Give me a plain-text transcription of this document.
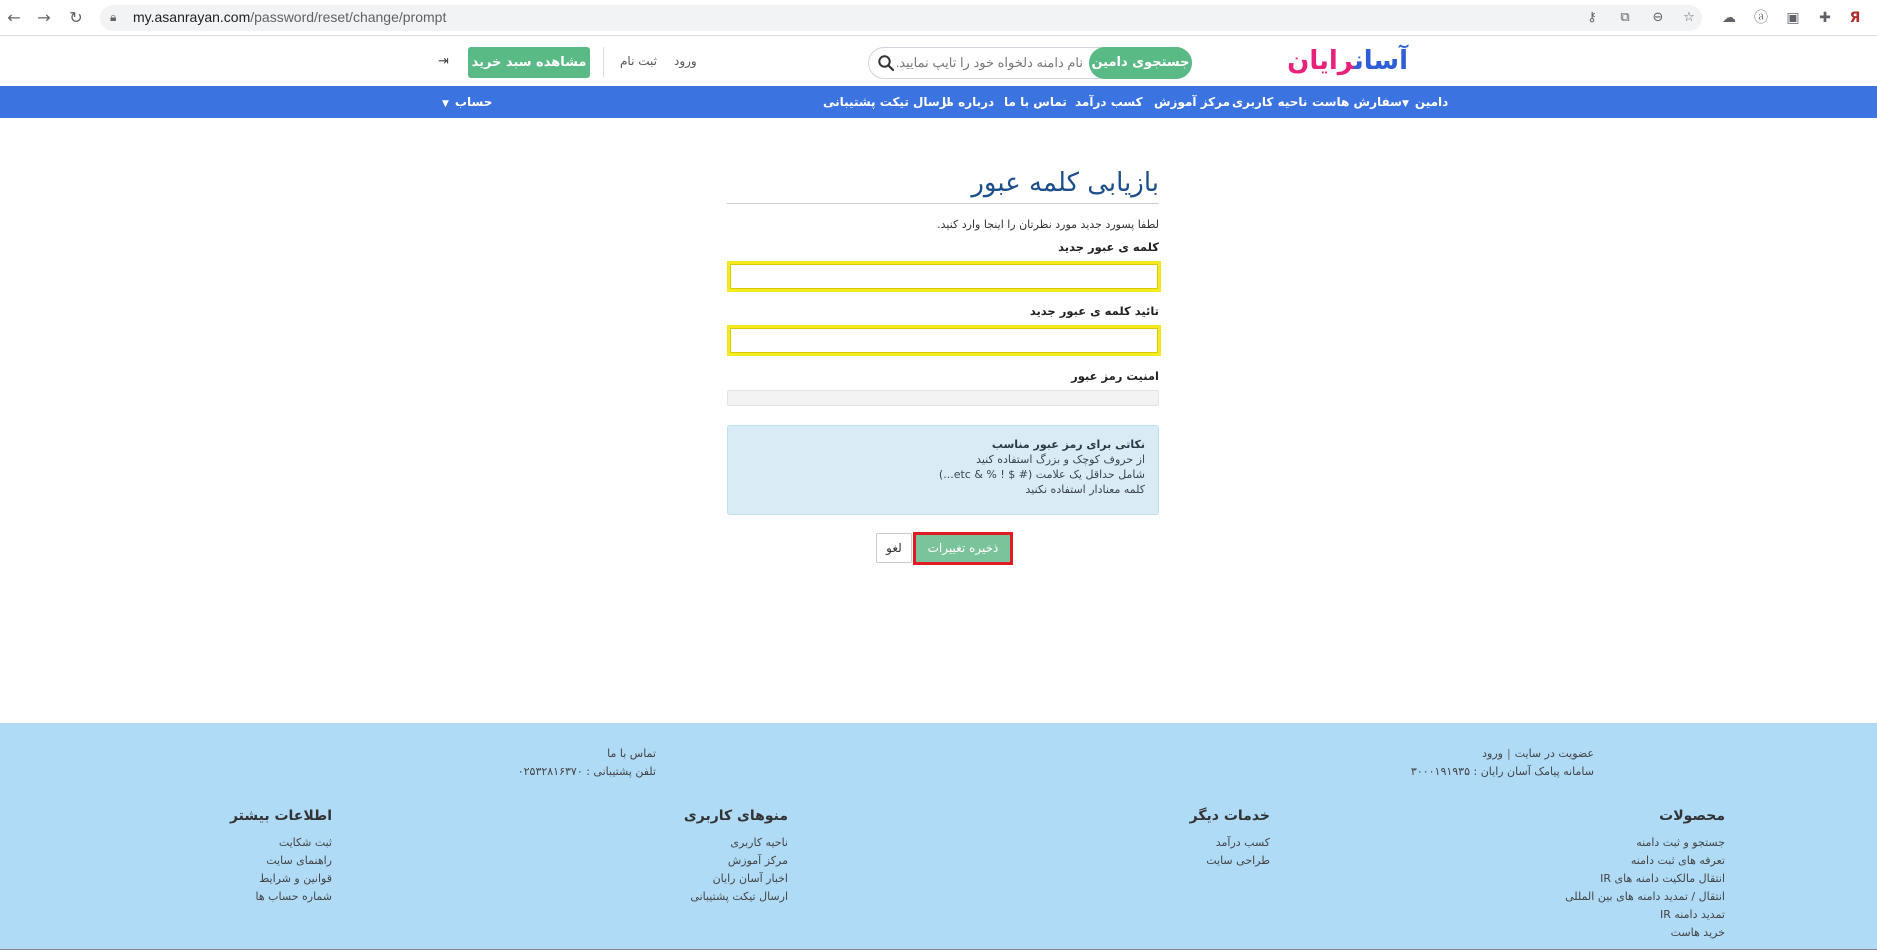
← → ↻ 🔒︎ my.asanrayan.com/password/reset/change/prompt	⚷	⧉	⊖ ☆ ☁ ⓐ ▣ ✚	Я
آسانرایان
جستجوی دامین
نام دامنه دلخواه خود را تایپ نمایید...
ورود
ثبت نام
مشاهده سبد خرید
⇥
دامین▼
سفارش هاست
ناحیه کاربری
مرکز آموزش
کسب درآمد
تماس با ما
درباره ما
ارسال تیکت پشتیبانی
حساب▼
بازیابی کلمه عبور
لطفا پسورد جدید مورد نظرتان را اینجا وارد کنید.
کلمه ی عبور جدید
تائید کلمه ی عبور جدید
امنیت رمز عبور
نکاتی برای رمز عبور مناسب
از حروف کوچک و بزرگ استفاده کنید
شامل حداقل یک علامت (# $ ! % & etc...)
کلمه معنادار استفاده نکنید
ذخیره تغییرات
لغو
عضویت در سایت|ورود
سامانه پیامک آسان رایان : ۳۰۰۰۱۹۱۹۳۵
تماس با ما
تلفن پشتیبانی : ۰۲۵۳۲۸۱۶۳۷۰
محصولات
جستجو و ثبت دامنه
تعرفه های ثبت دامنه
انتقال مالکیت دامنه های IR
انتقال / تمدید دامنه های بین المللی
تمدید دامنه IR
خرید هاست
خدمات دیگر
کسب درآمد
طراحی سایت
منوهای کاربری
ناحیه کاربری
مرکز آموزش
اخبار آسان رایان
ارسال تیکت پشتیبانی
اطلاعات بیشتر
ثبت شکایت
راهنمای سایت
قوانین و شرایط
شماره حساب ها
